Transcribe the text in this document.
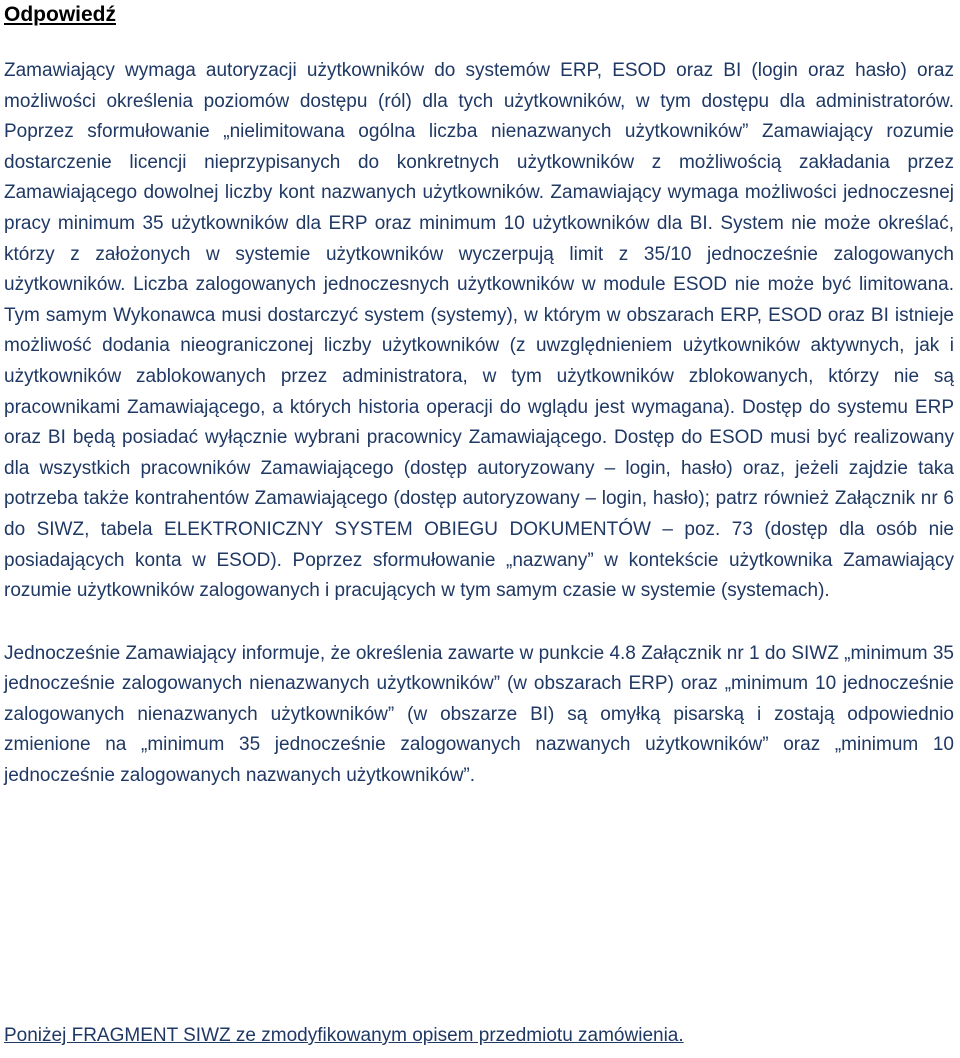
Odpowiedź

Zamawiający wymaga autoryzacji użytkowników do systemów ERP, ESOD oraz BI (login oraz hasło) oraz możliwości określenia poziomów dostępu (ról) dla tych użytkowników, w tym dostępu dla administratorów. Poprzez sformułowanie „nielimitowana ogólna liczba nienazwanych użytkowników” Zamawiający rozumie dostarczenie licencji nieprzypisanych do konkretnych użytkowników z możliwością zakładania przez Zamawiającego dowolnej liczby kont nazwanych użytkowników. Zamawiający wymaga możliwości jednoczesnej pracy minimum 35 użytkowników dla ERP oraz minimum 10 użytkowników dla BI. System nie może określać, którzy z założonych w systemie użytkowników wyczerpują limit z 35/10 jednocześnie zalogowanych użytkowników. Liczba zalogowanych jednoczesnych użytkowników w module ESOD nie może być limitowana. Tym samym Wykonawca musi dostarczyć system (systemy), w którym w obszarach ERP, ESOD oraz BI istnieje możliwość dodania nieograniczonej liczby użytkowników (z uwzględnieniem użytkowników aktywnych, jak i użytkowników zablokowanych przez administratora, w tym użytkowników zblokowanych, którzy nie są pracownikami Zamawiającego, a których historia operacji do wglądu jest wymagana). Dostęp do systemu ERP oraz BI będą posiadać wyłącznie wybrani pracownicy Zamawiającego. Dostęp do ESOD musi być realizowany dla wszystkich pracowników Zamawiającego (dostęp autoryzowany – login, hasło) oraz, jeżeli zajdzie taka potrzeba także kontrahentów Zamawiającego (dostęp autoryzowany – login, hasło); patrz również Załącznik nr 6 do SIWZ, tabela ELEKTRONICZNY SYSTEM OBIEGU DOKUMENTÓW – poz. 73 (dostęp dla osób nie posiadających konta w ESOD). Poprzez sformułowanie „nazwany” w kontekście użytkownika Zamawiający rozumie użytkowników zalogowanych i pracujących w tym samym czasie w systemie (systemach).

Jednocześnie Zamawiający informuje, że określenia zawarte w punkcie 4.8 Załącznik nr 1 do SIWZ „minimum 35 jednocześnie zalogowanych nienazwanych użytkowników” (w obszarach ERP) oraz „minimum 10 jednocześnie zalogowanych nienazwanych użytkowników” (w obszarze BI) są omyłką pisarską i zostają odpowiednio zmienione na „minimum 35 jednocześnie zalogowanych nazwanych użytkowników” oraz „minimum 10 jednocześnie zalogowanych nazwanych użytkowników”.

Poniżej FRAGMENT SIWZ ze zmodyfikowanym opisem przedmiotu zamówienia.
